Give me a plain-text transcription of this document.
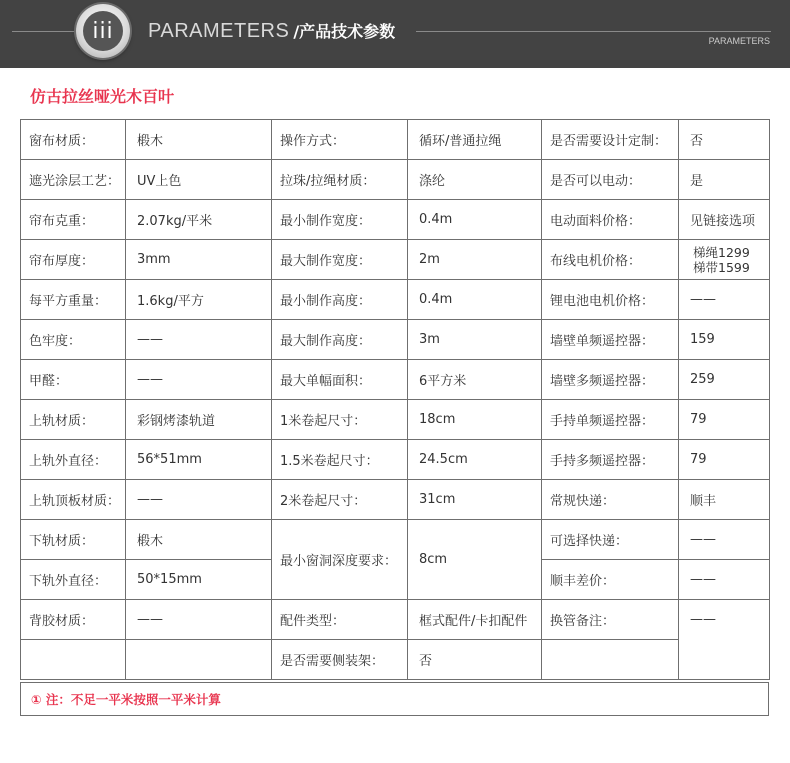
iii	PARAMETERS / 产品技术参数	PARAMETERS
仿古拉丝哑光木百叶
窗布材质：	椴木	操作方式：	循环/普通拉绳	是否需要设计定制：	否
遮光涂层工艺：	UV上色	拉珠/拉绳材质：	涤纶	是否可以电动：	是
帘布克重：	2.07kg/平米	最小制作宽度：	0.4m	电动面料价格：	见链接选项
帘布厚度：	3mm	最大制作宽度：	2m	布线电机价格：	梯绳1299
梯带1599

每平方重量：	1.6kg/平方	最小制作高度：	0.4m	锂电池电机价格：	——
色牢度：	——	最大制作高度：	3m	墙壁单频遥控器：	159
甲醛：	——	最大单幅面积：	6平方米	墙壁多频遥控器：	259
上轨材质：	彩钢烤漆轨道	1米卷起尺寸：	18cm	手持单频遥控器：	79
上轨外直径：	56*51mm	1.5米卷起尺寸：	24.5cm	手持多频遥控器：	79
上轨顶板材质：	——	2米卷起尺寸：	31cm	常规快递：	顺丰
下轨材质：	椴木	最小窗洞深度要求：	8cm	可选择快递：	——
下轨外直径：	50*15mm			顺丰差价：	——
背胶材质：	——	配件类型：	框式配件/卡扣配件	换管备注：	——
		是否需要侧装架：	否		
① 注：不足一平米按照一平米计算
